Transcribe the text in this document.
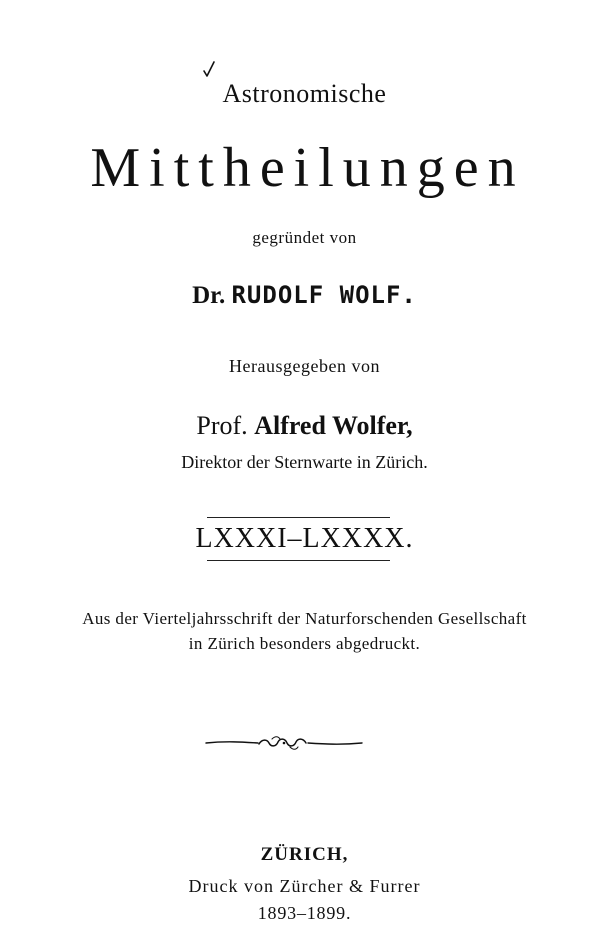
Astronomische
Mittheilungen
gegründet von
Dr. RUDOLF WOLF.
Herausgegeben von
Prof. Alfred Wolfer,
Direktor der Sternwarte in Zürich.
LXXXI–LXXXX.
Aus der Vierteljahrsschrift der Naturforschenden Gesellschaft
in Zürich besonders abgedruckt.
ZÜRICH,
Druck von Zürcher & Furrer
1893–1899.
